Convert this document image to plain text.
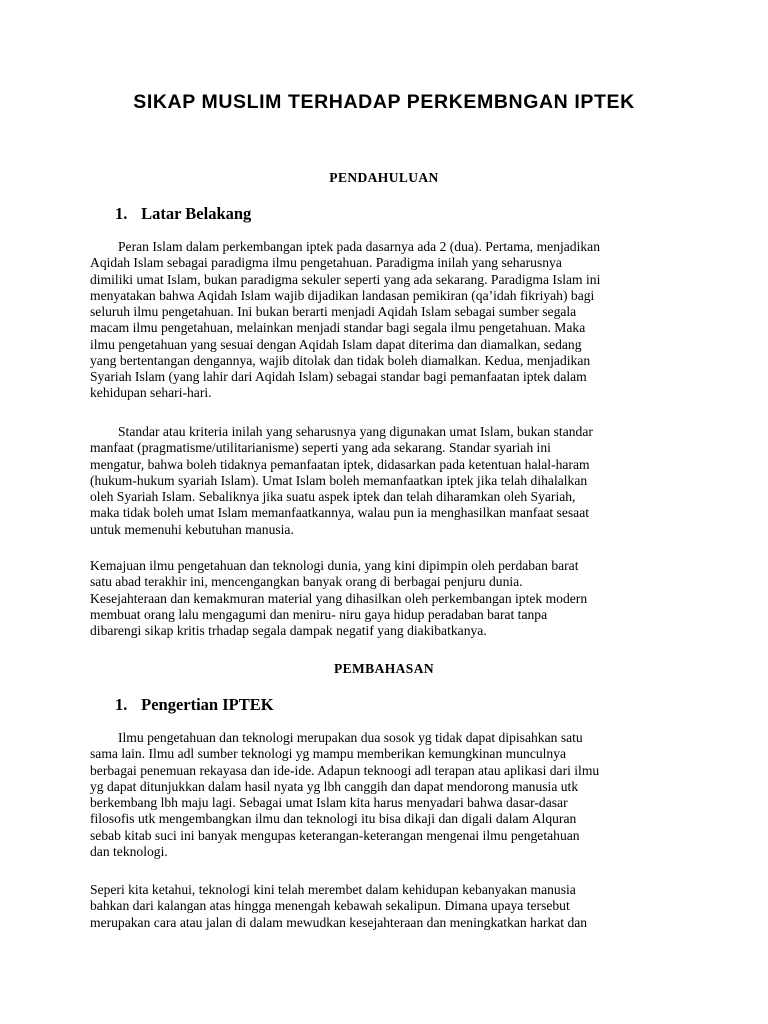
SIKAP MUSLIM TERHADAP PERKEMBNGAN IPTEK
PENDAHULUAN
1. Latar Belakang

Peran Islam dalam perkembangan iptek pada dasarnya ada 2 (dua). Pertama, menjadikan
Aqidah Islam sebagai paradigma ilmu pengetahuan. Paradigma inilah yang seharusnya
dimiliki umat Islam, bukan paradigma sekuler seperti yang ada sekarang. Paradigma Islam ini
menyatakan bahwa Aqidah Islam wajib dijadikan landasan pemikiran (qa’idah fikriyah) bagi
seluruh ilmu pengetahuan. Ini bukan berarti menjadi Aqidah Islam sebagai sumber segala
macam ilmu pengetahuan, melainkan menjadi standar bagi segala ilmu pengetahuan. Maka
ilmu pengetahuan yang sesuai dengan Aqidah Islam dapat diterima dan diamalkan, sedang
yang bertentangan dengannya, wajib ditolak dan tidak boleh diamalkan. Kedua, menjadikan
Syariah Islam (yang lahir dari Aqidah Islam) sebagai standar bagi pemanfaatan iptek dalam
kehidupan sehari-hari.

Standar atau kriteria inilah yang seharusnya yang digunakan umat Islam, bukan standar
manfaat (pragmatisme/utilitarianisme) seperti yang ada sekarang. Standar syariah ini
mengatur, bahwa boleh tidaknya pemanfaatan iptek, didasarkan pada ketentuan halal-haram
(hukum-hukum syariah Islam). Umat Islam boleh memanfaatkan iptek jika telah dihalalkan
oleh Syariah Islam. Sebaliknya jika suatu aspek iptek dan telah diharamkan oleh Syariah,
maka tidak boleh umat Islam memanfaatkannya, walau pun ia menghasilkan manfaat sesaat
untuk memenuhi kebutuhan manusia.

Kemajuan ilmu pengetahuan dan teknologi dunia, yang kini dipimpin oleh perdaban barat
satu abad terakhir ini, mencengangkan banyak orang di berbagai penjuru dunia.
Kesejahteraan dan kemakmuran material yang dihasilkan oleh perkembangan iptek modern
membuat orang lalu mengagumi dan meniru- niru gaya hidup peradaban barat tanpa
dibarengi sikap kritis trhadap segala dampak negatif yang diakibatkanya.

PEMBAHASAN
1. Pengertian IPTEK

Ilmu pengetahuan dan teknologi merupakan dua sosok yg tidak dapat dipisahkan satu
sama lain. Ilmu adl sumber teknologi yg mampu memberikan kemungkinan munculnya
berbagai penemuan rekayasa dan ide-ide. Adapun teknoogi adl terapan atau aplikasi dari ilmu
yg dapat ditunjukkan dalam hasil nyata yg lbh canggih dan dapat mendorong manusia utk
berkembang lbh maju lagi. Sebagai umat Islam kita harus menyadari bahwa dasar-dasar
filosofis utk mengembangkan ilmu dan teknologi itu bisa dikaji dan digali dalam Alquran
sebab kitab suci ini banyak mengupas keterangan-keterangan mengenai ilmu pengetahuan
dan teknologi.

Seperi kita ketahui, teknologi kini telah merembet dalam kehidupan kebanyakan manusia
bahkan dari kalangan atas hingga menengah kebawah sekalipun. Dimana upaya tersebut
merupakan cara atau jalan di dalam mewudkan kesejahteraan dan meningkatkan harkat dan
